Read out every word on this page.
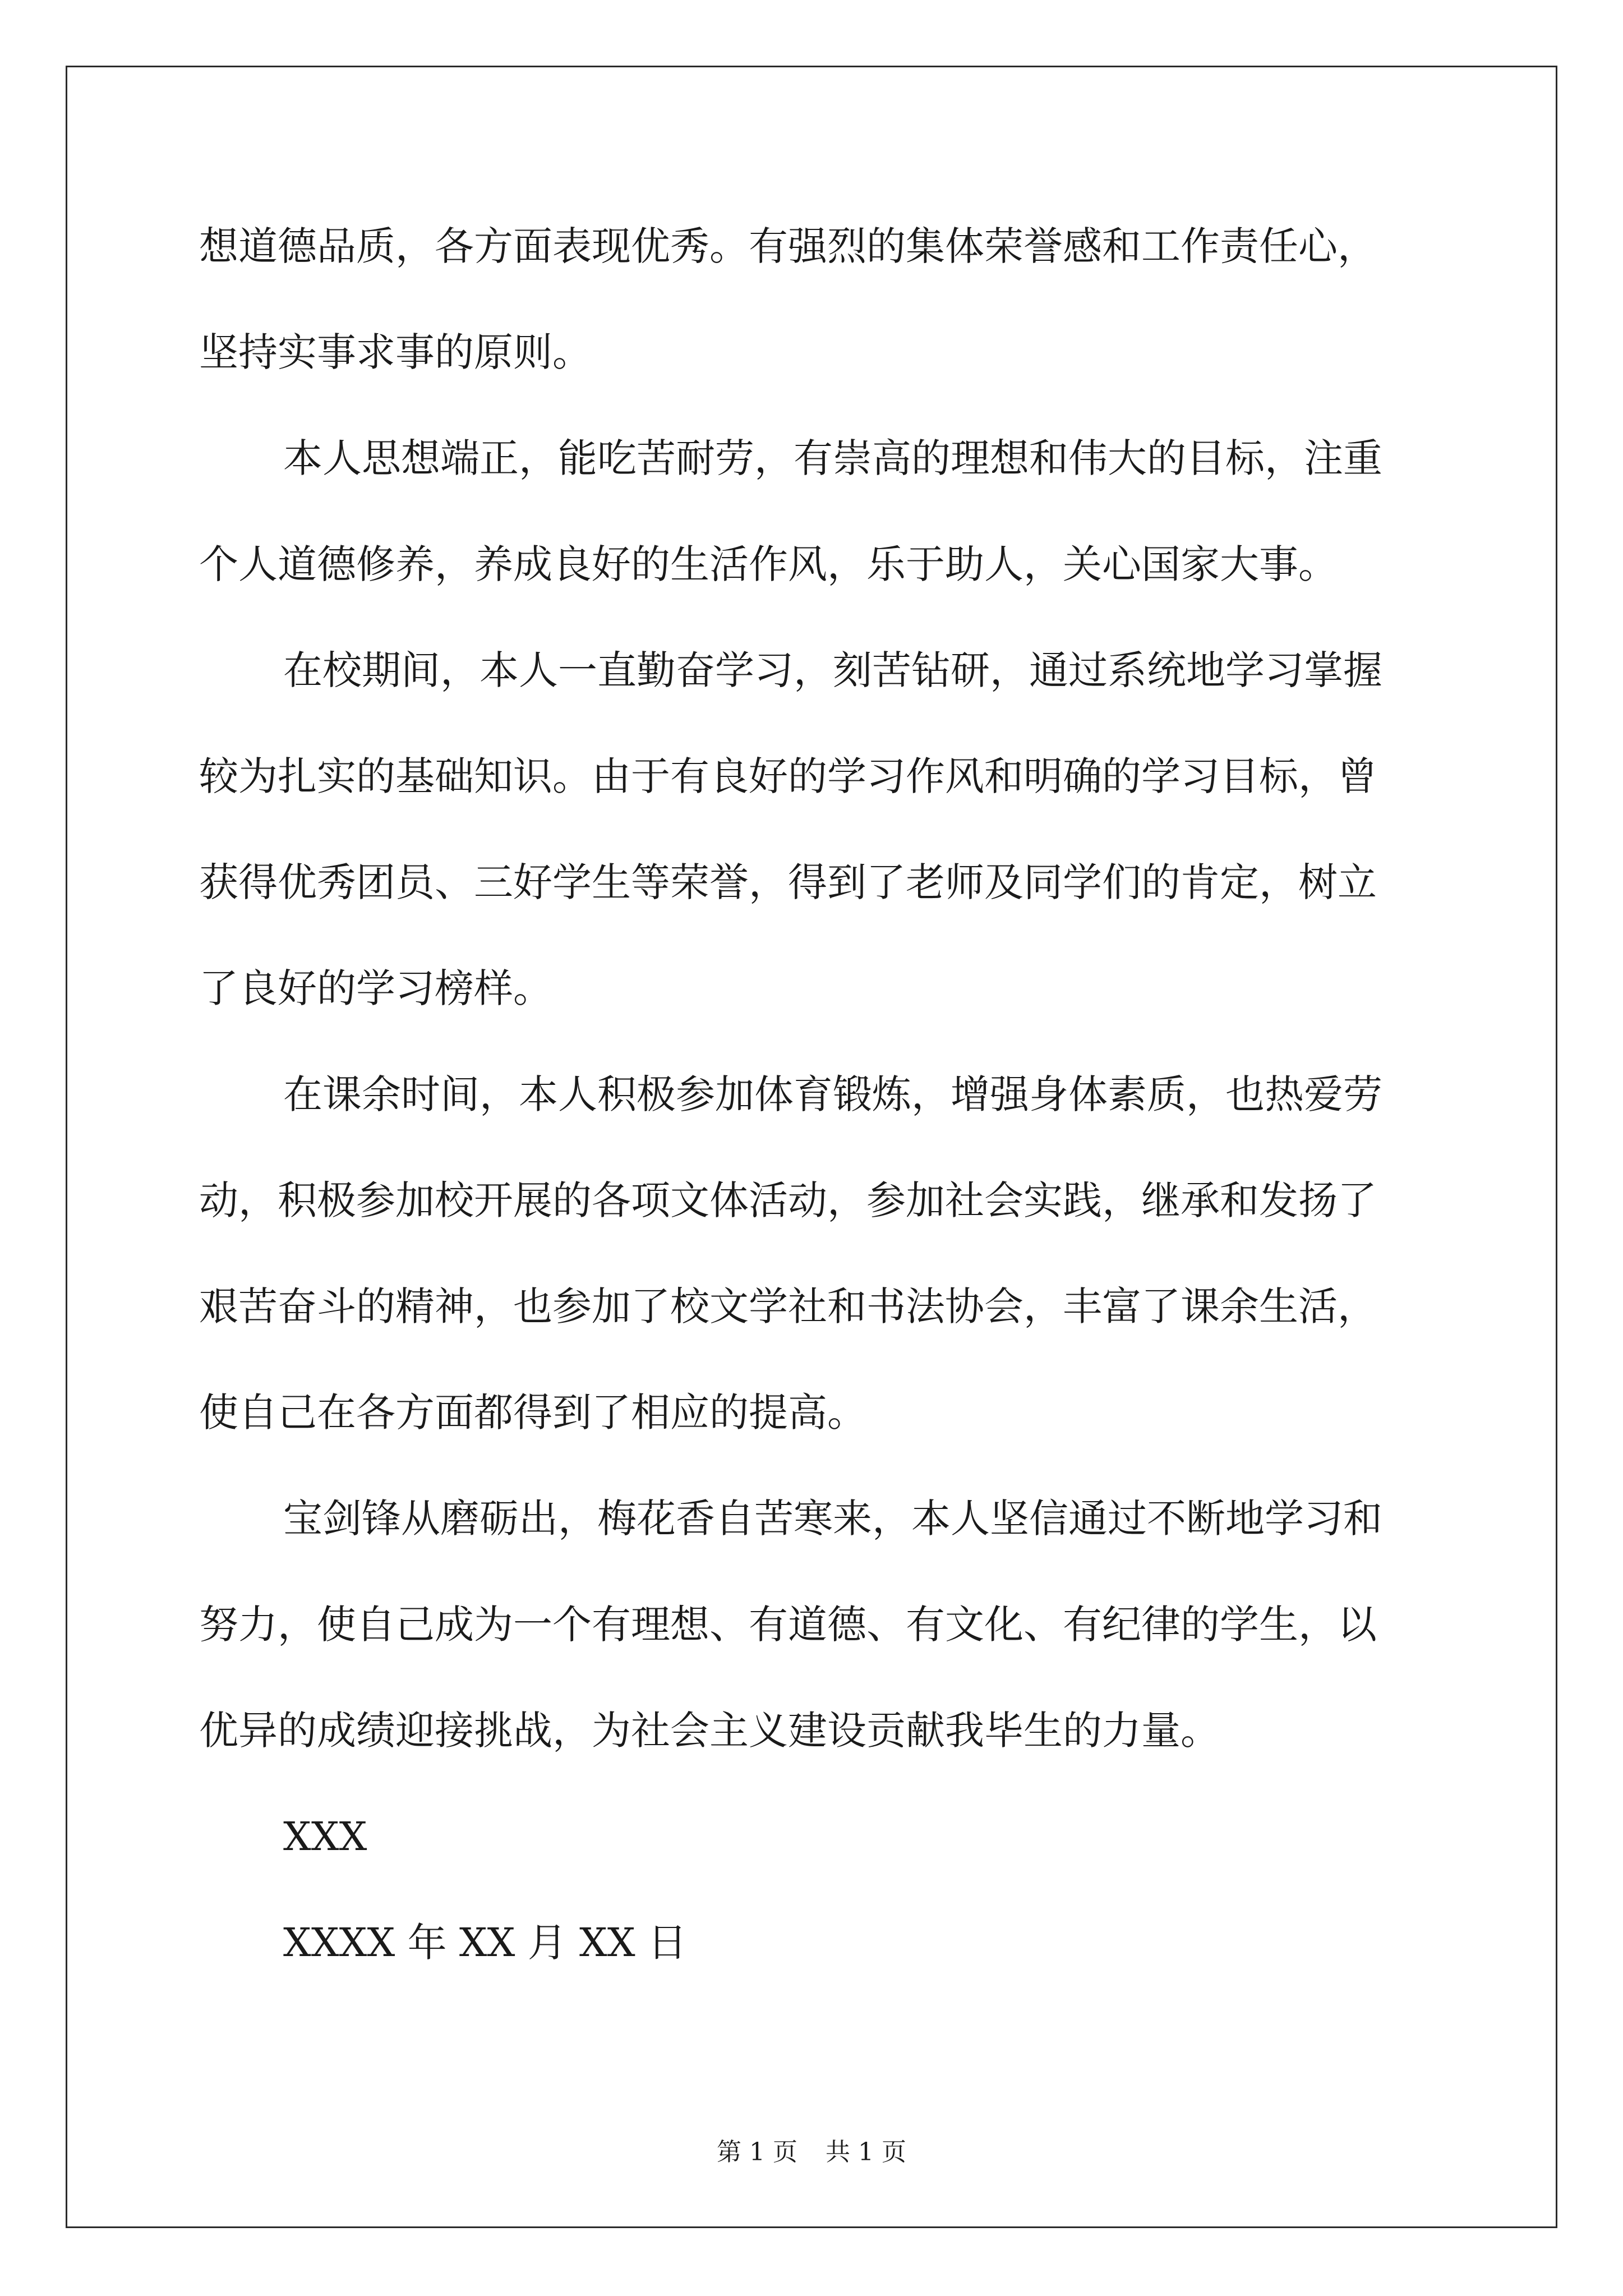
想道德品质，各方面表现优秀。有强烈的集体荣誉感和工作责任心，
坚持实事求事的原则。
本人思想端正，能吃苦耐劳，有崇高的理想和伟大的目标，注重
个人道德修养，养成良好的生活作风，乐于助人，关心国家大事。
在校期间，本人一直勤奋学习，刻苦钻研，通过系统地学习掌握
较为扎实的基础知识。由于有良好的学习作风和明确的学习目标，曾
获得优秀团员、三好学生等荣誉，得到了老师及同学们的肯定，树立
了良好的学习榜样。
在课余时间，本人积极参加体育锻炼，增强身体素质，也热爱劳
动，积极参加校开展的各项文体活动，参加社会实践，继承和发扬了
艰苦奋斗的精神，也参加了校文学社和书法协会，丰富了课余生活，
使自己在各方面都得到了相应的提高。
宝剑锋从磨砺出，梅花香自苦寒来，本人坚信通过不断地学习和
努力，使自己成为一个有理想、有道德、有文化、有纪律的学生，以
优异的成绩迎接挑战，为社会主义建设贡献我毕生的力量。
XXX
XXXX 年 XX 月 XX 日
第 1 页 共 1 页
